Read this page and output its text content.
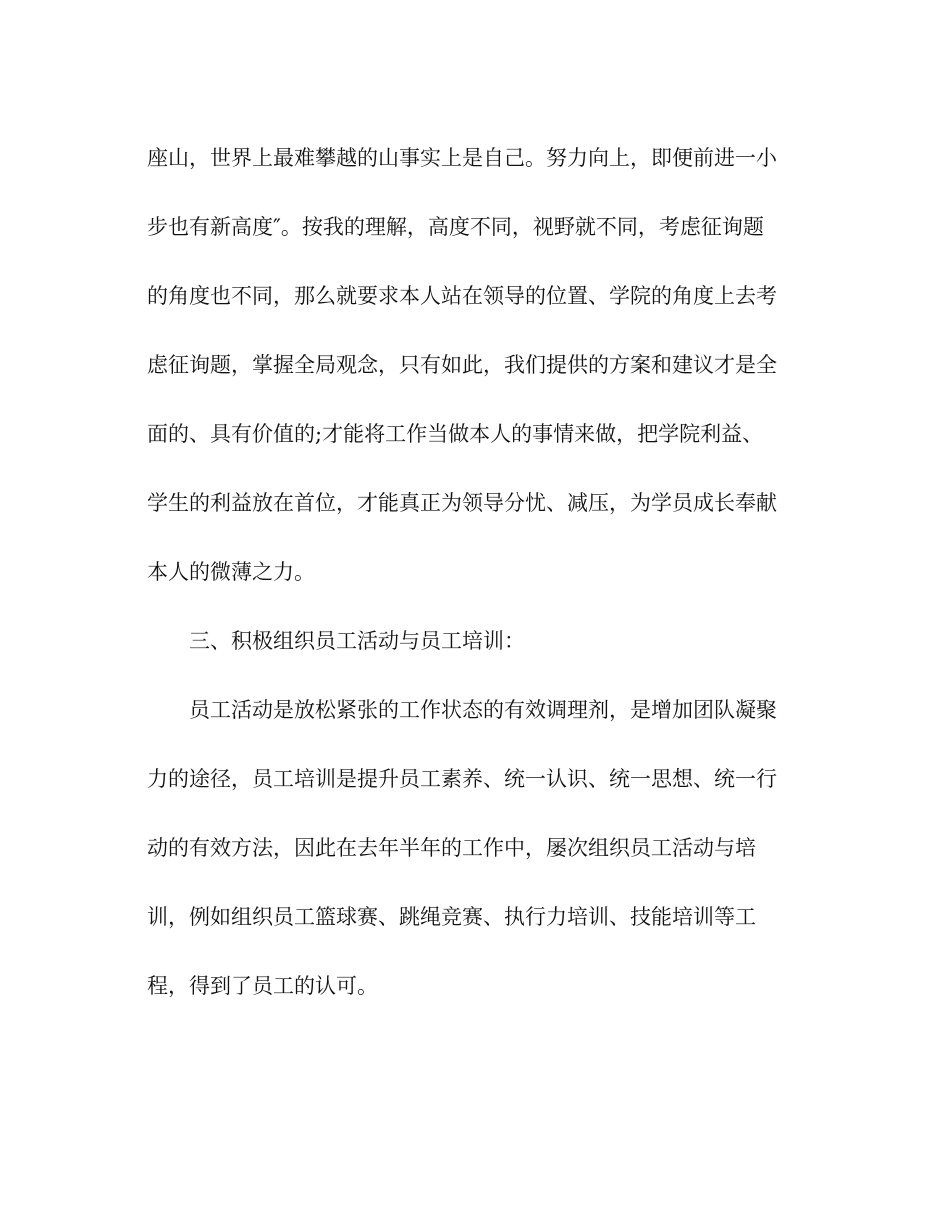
座山，世界上最难攀越的山事实上是自己。努力向上，即便前进一小
步也有新高度″。按我的理解，高度不同，视野就不同，考虑征询题
的角度也不同，那么就要求本人站在领导的位置、学院的角度上去考
虑征询题，掌握全局观念，只有如此，我们提供的方案和建议才是全
面的、具有价值的;才能将工作当做本人的事情来做，把学院利益、
学生的利益放在首位，才能真正为领导分忧、减压，为学员成长奉献
本人的微薄之力。
三、积极组织员工活动与员工培训：
员工活动是放松紧张的工作状态的有效调理剂，是增加团队凝聚
力的途径，员工培训是提升员工素养、统一认识、统一思想、统一行
动的有效方法，因此在去年半年的工作中，屡次组织员工活动与培
训，例如组织员工篮球赛、跳绳竞赛、执行力培训、技能培训等工
程，得到了员工的认可。
